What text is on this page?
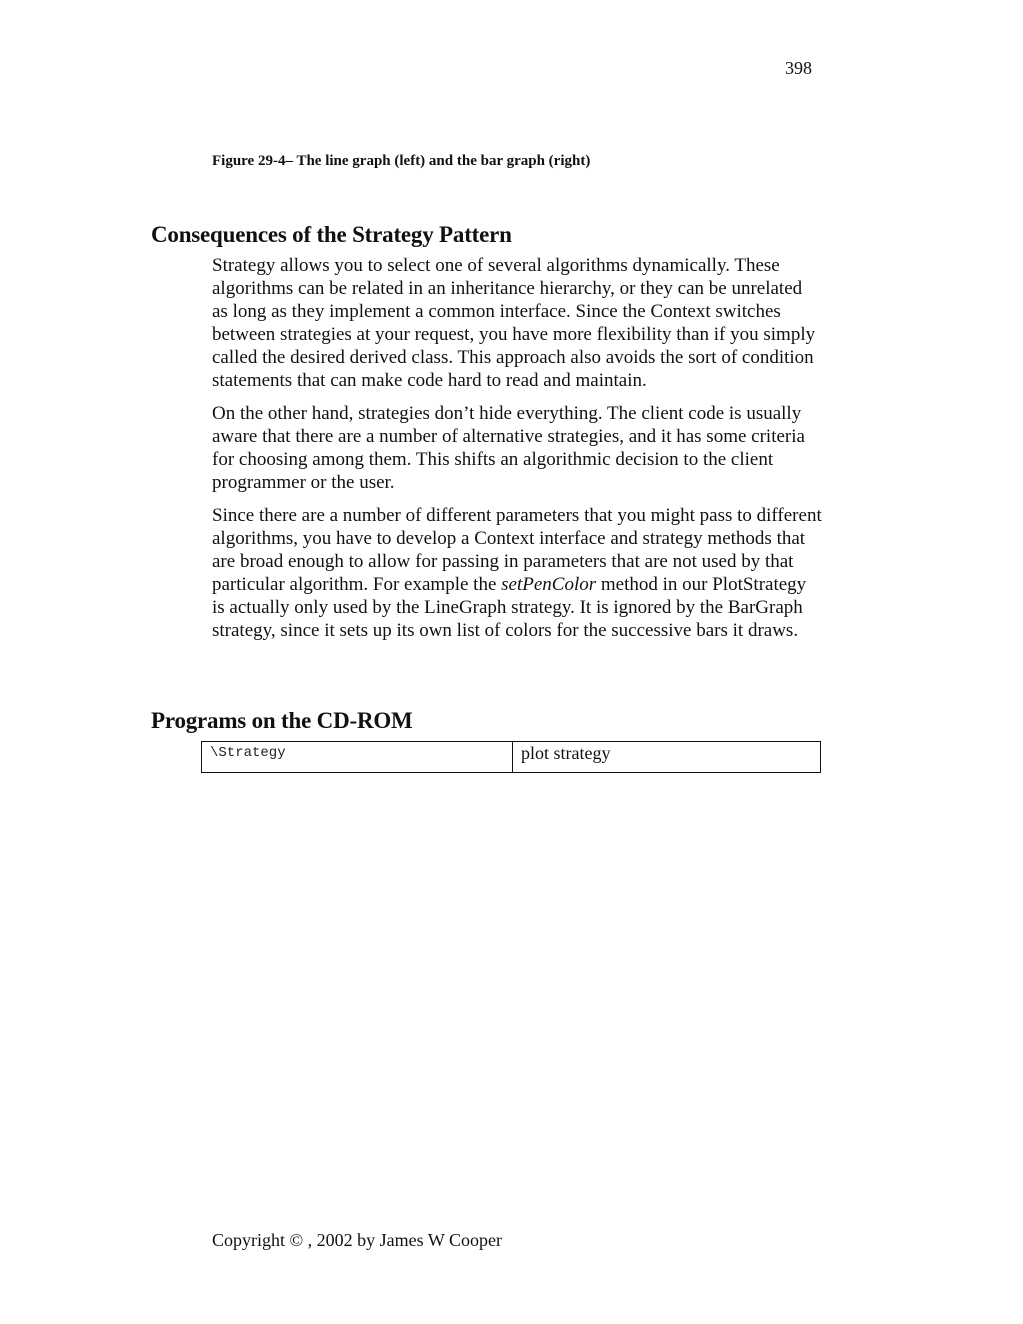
398
Figure 29-4– The line graph (left) and the bar graph (right)
Consequences of the Strategy Pattern

Strategy allows you to select one of several algorithms dynamically. These algorithms can be related in an inheritance hierarchy, or they can be unrelated as long as they implement a common interface. Since the Context switches between strategies at your request, you have more flexibility than if you simply called the desired derived class. This approach also avoids the sort of condition statements that can make code hard to read and maintain.

On the other hand, strategies don’t hide everything. The client code is usually aware that there are a number of alternative strategies, and it has some criteria for choosing among them. This shifts an algorithmic decision to the client programmer or the user.

Since there are a number of different parameters that you might pass to different algorithms, you have to develop a Context interface and strategy methods that are broad enough to allow for passing in parameters that are not used by that particular algorithm. For example the setPenColor method in our PlotStrategy is actually only used by the LineGraph strategy. It is ignored by the BarGraph strategy, since it sets up its own list of colors for the successive bars it draws.

Programs on the CD-ROM
\Strategy	plot strategy
Copyright © , 2002 by James W Cooper
